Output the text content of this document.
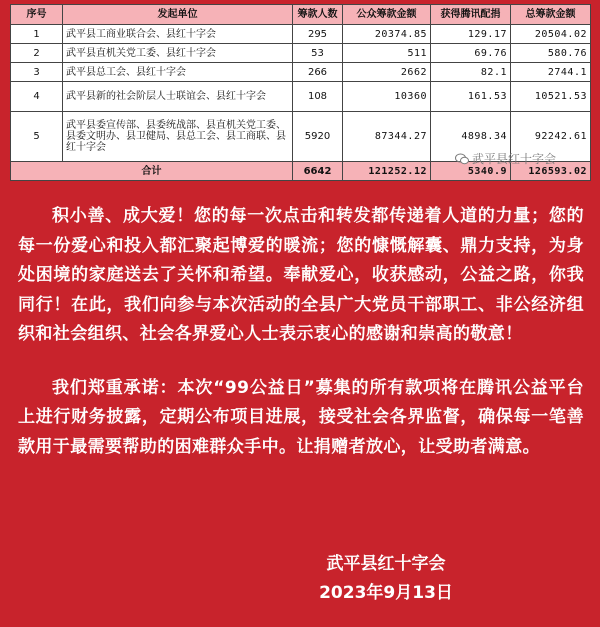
序号	发起单位	筹款人数	公众筹款金额	获得腾讯配捐	总筹款金额
1	武平县工商业联合会、县红十字会	295	20374.85	129.17	20504.02
2	武平县直机关党工委、县红十字会	53	511	69.76	580.76
3	武平县总工会、县红十字会	266	2662	82.1	2744.1
4	武平县新的社会阶层人士联谊会、县红十字会	108	10360	161.53	10521.53
5	武平县委宣传部、县委统战部、县直机关党工委、县委文明办、县卫健局、县总工会、县工商联、县红十字会	5920	87344.27	4898.34	92242.61
合计		6642	121252.12	5340.9	126593.02
武平县红十字会

积小善、成大爱！您的每一次点击和转发都传递着人道的力量；您的每一份爱心和投入都汇聚起博爱的暖流；您的慷慨解囊、鼎力支持，为身处困境的家庭送去了关怀和希望。奉献爱心，收获感动，公益之路，你我同行！在此，我们向参与本次活动的全县广大党员干部职工、非公经济组织和社会组织、社会各界爱心人士表示衷心的感谢和崇高的敬意！

我们郑重承诺：本次“99公益日”募集的所有款项将在腾讯公益平台上进行财务披露，定期公布项目进展，接受社会各界监督，确保每一笔善款用于最需要帮助的困难群众手中。让捐赠者放心，让受助者满意。

武平县红十字会
2023年9月13日
